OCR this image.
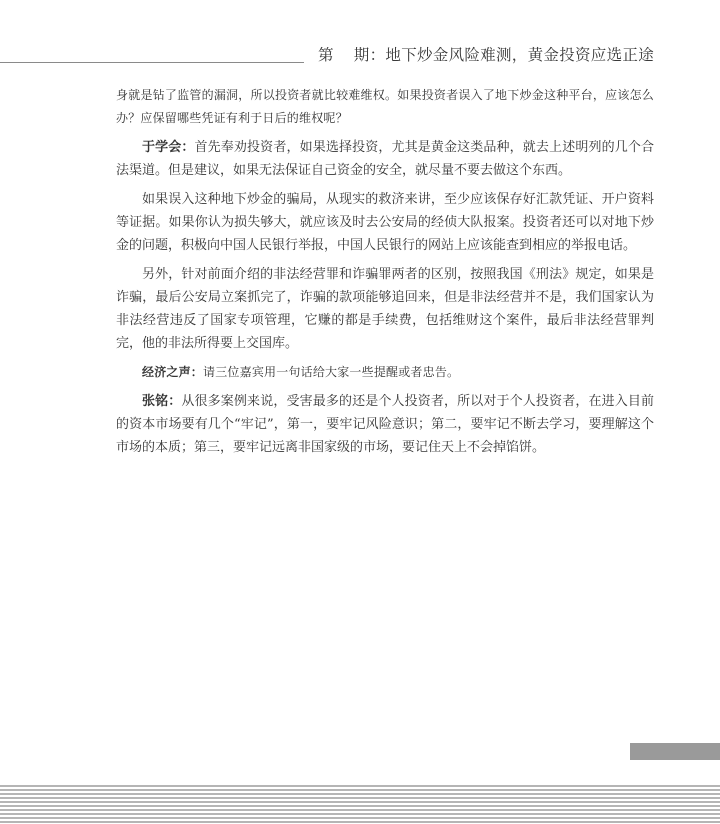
第 期：地下炒金风险难测，黄金投资应选正途

身就是钻了监管的漏洞，所以投资者就比较难维权。如果投资者误入了地下炒金这种平台，应该怎么办？应保留哪些凭证有利于日后的维权呢？

于学会：首先奉劝投资者，如果选择投资，尤其是黄金这类品种，就去上述明列的几个合法渠道。但是建议，如果无法保证自己资金的安全，就尽量不要去做这个东西。

如果误入这种地下炒金的骗局，从现实的救济来讲，至少应该保存好汇款凭证、开户资料等证据。如果你认为损失够大，就应该及时去公安局的经侦大队报案。投资者还可以对地下炒金的问题，积极向中国人民银行举报，中国人民银行的网站上应该能查到相应的举报电话。

另外，针对前面介绍的非法经营罪和诈骗罪两者的区别，按照我国《刑法》规定，如果是诈骗，最后公安局立案抓完了，诈骗的款项能够追回来，但是非法经营并不是，我们国家认为非法经营违反了国家专项管理，它赚的都是手续费，包括维财这个案件，最后非法经营罪判完，他的非法所得要上交国库。

经济之声：请三位嘉宾用一句话给大家一些提醒或者忠告。

张铭：从很多案例来说，受害最多的还是个人投资者，所以对于个人投资者，在进入目前的资本市场要有几个“牢记”，第一，要牢记风险意识；第二，要牢记不断去学习，要理解这个市场的本质；第三，要牢记远离非国家级的市场，要记住天上不会掉馅饼。
